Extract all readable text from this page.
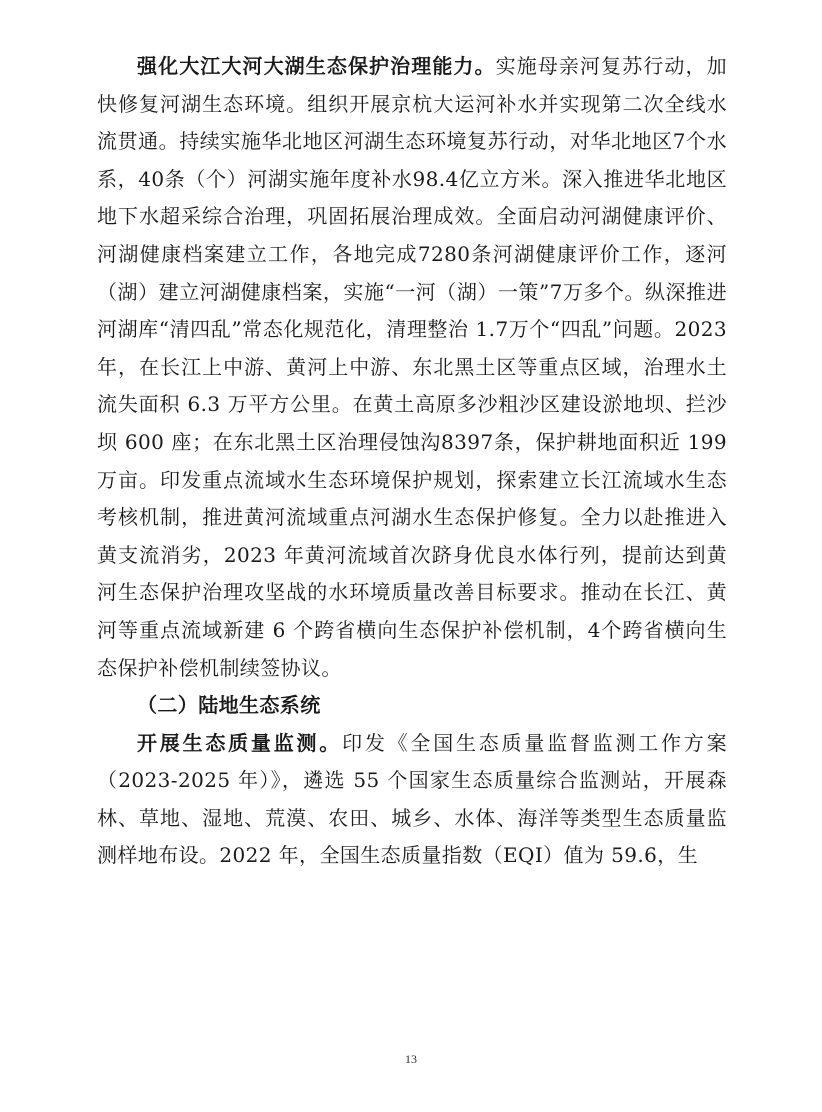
强化大江大河大湖生态保护治理能力。实施母亲河复苏行动，加快修复河湖生态环境。组织开展京杭大运河补水并实现第二次全线水流贯通。持续实施华北地区河湖生态环境复苏行动，对华北地区7个水系，40条（个）河湖实施年度补水98.4亿立方米。深入推进华北地区地下水超采综合治理，巩固拓展治理成效。全面启动河湖健康评价、河湖健康档案建立工作，各地完成7280条河湖健康评价工作，逐河（湖）建立河湖健康档案，实施“一河（湖）一策”7万多个。纵深推进河湖库“清四乱”常态化规范化，清理整治 1.7万个“四乱”问题。2023 年，在长江上中游、黄河上中游、东北黑土区等重点区域，治理水土流失面积 6.3 万平方公里。在黄土高原多沙粗沙区建设淤地坝、拦沙坝 600 座；在东北黑土区治理侵蚀沟8397条，保护耕地面积近 199 万亩。印发重点流域水生态环境保护规划，探索建立长江流域水生态考核机制，推进黄河流域重点河湖水生态保护修复。全力以赴推进入黄支流消劣，2023 年黄河流域首次跻身优良水体行列，提前达到黄河生态保护治理攻坚战的水环境质量改善目标要求。推动在长江、黄河等重点流域新建 6 个跨省横向生态保护补偿机制，4个跨省横向生态保护补偿机制续签协议。

（二）陆地生态系统

开展生态质量监测。印发《全国生态质量监督监测工作方案（2023-2025 年）》，遴选 55 个国家生态质量综合监测站，开展森林、草地、湿地、荒漠、农田、城乡、水体、海洋等类型生态质量监测样地布设。2022 年，全国生态质量指数（EQI）值为 59.6，生

13
